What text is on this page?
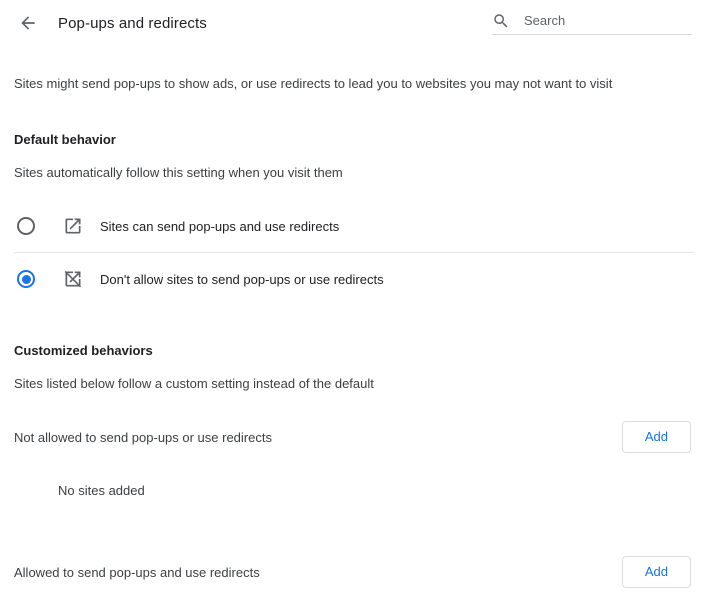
Pop-ups and redirects
Search
Sites might send pop-ups to show ads, or use redirects to lead you to websites you may not want to visit
Default behavior
Sites automatically follow this setting when you visit them
Sites can send pop-ups and use redirects
Don't allow sites to send pop-ups or use redirects
Customized behaviors
Sites listed below follow a custom setting instead of the default
Not allowed to send pop-ups or use redirects	Add
No sites added
Allowed to send pop-ups and use redirects	Add
